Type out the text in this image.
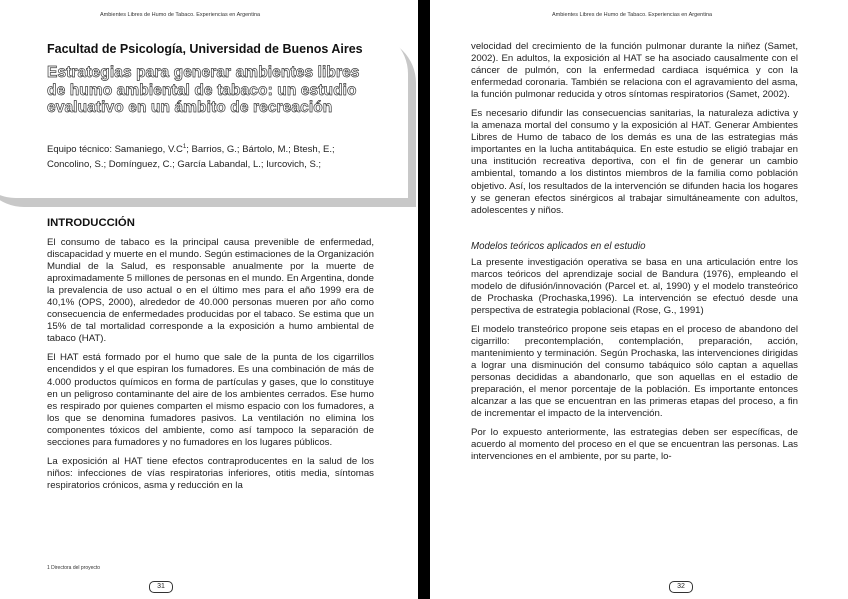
Ambientes Libres de Humo de Tabaco. Experiencias en Argentina
Facultad de Psicología, Universidad de Buenos Aires
Estrategias para generar ambientes libres de humo ambiental de tabaco: un estudio evaluativo en un ámbito de recreación

Equipo técnico: Samaniego, $V.C^1$; Barrios, G.; Bártolo, M.; Btesh, E.; Concolino, S.; Domínguez, C.; García Labandal, L.; Iurcovich, S.;

INTRODUCCIÓN

El consumo de tabaco es la principal causa prevenible de enfermedad, discapacidad y muerte en el mundo. Según estimaciones de la Organización Mundial de la Salud, es responsable anualmente por la muerte de aproximadamente 5 millones de personas en el mundo. En Argentina, donde la prevalencia de uso actual o en el último mes para el año 1999 era de 40,1% (OPS, 2000), alrededor de 40.000 personas mueren por año como consecuencia de enfermedades producidas por el tabaco. Se estima que un 15% de tal mortalidad corresponde a la exposición a humo ambiental de tabaco (HAT).

El HAT está formado por el humo que sale de la punta de los cigarrillos encendidos y el que espiran los fumadores. Es una combinación de más de 4.000 productos químicos en forma de partículas y gases, que lo constituye en un peligroso contaminante del aire de los ambientes cerrados. Ese humo es respirado por quienes comparten el mismo espacio con los fumadores, a los que se denomina fumadores pasivos. La ventilación no elimina los componentes tóxicos del ambiente, como así tampoco la separación de secciones para fumadores y no fumadores en los lugares públicos.

La exposición al HAT tiene efectos contraproducentes en la salud de los niños: infecciones de vías respiratorias inferiores, otitis media, síntomas respiratorios crónicos, asma y reducción en la

1 Directora del proyecto
31
Ambientes Libres de Humo de Tabaco. Experiencias en Argentina

velocidad del crecimiento de la función pulmonar durante la niñez (Samet, 2002). En adultos, la exposición al HAT se ha asociado causalmente con el cáncer de pulmón, con la enfermedad cardiaca isquémica y con la enfermedad coronaria. También se relaciona con el agravamiento del asma, la función pulmonar reducida y otros síntomas respiratorios (Samet, 2002).

Es necesario difundir las consecuencias sanitarias, la naturaleza adictiva y la amenaza mortal del consumo y la exposición al HAT. Generar Ambientes Libres de Humo de tabaco de los demás es una de las estrategias más importantes en la lucha antitabáquica. En este estudio se eligió trabajar en una institución recreativa deportiva, con el fin de generar un cambio ambiental, tomando a los distintos miembros de la familia como población objetivo. Así, los resultados de la intervención se difunden hacia los hogares y se generan efectos sinérgicos al trabajar simultáneamente con adultos, adolescentes y niños.

Modelos teóricos aplicados en el estudio

La presente investigación operativa se basa en una articulación entre los marcos teóricos del aprendizaje social de Bandura (1976), empleando el modelo de difusión/innovación (Parcel et. al, 1990) y el modelo transteórico de Prochaska (Prochaska,1996). La intervención se efectuó desde una perspectiva de estrategia poblacional (Rose, G., 1991)

El modelo transteórico propone seis etapas en el proceso de abandono del cigarrillo: precontemplación, contemplación, preparación, acción, mantenimiento y terminación. Según Prochaska, las intervenciones dirigidas a lograr una disminución del consumo tabáquico sólo captan a aquellas personas decididas a abandonarlo, que son aquellas en el estadio de preparación, el menor porcentaje de la población. Es importante entonces alcanzar a las que se encuentran en las primeras etapas del proceso, a fin de incrementar el impacto de la intervención.

Por lo expuesto anteriormente, las estrategias deben ser específicas, de acuerdo al momento del proceso en el que se encuentran las personas. Las intervenciones en el ambiente, por su parte, lo-

32
